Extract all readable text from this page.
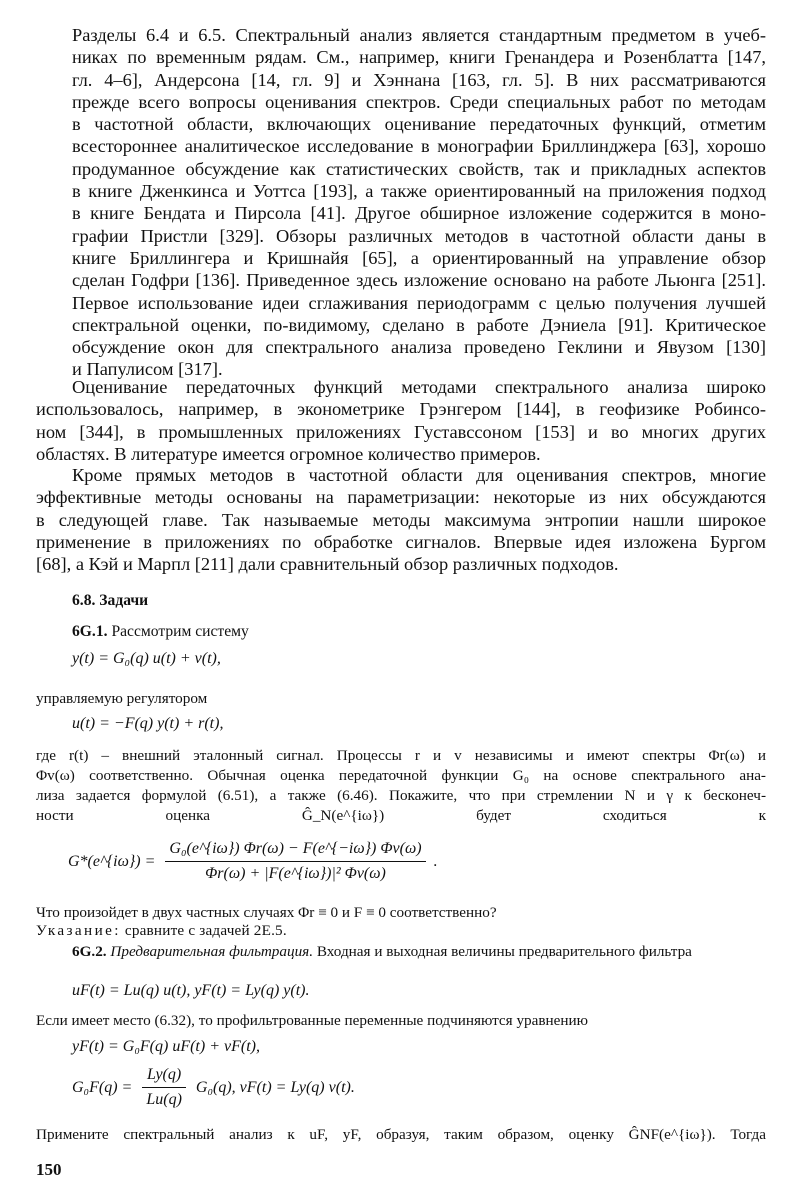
Разделы 6.4 и 6.5. Спектральный анализ является стандартным предметом в учеб-
никах по временным рядам. См., например, книги Гренандера и Розенблатта [147,
гл. 4–6], Андерсона [14, гл. 9] и Хэннана [163, гл. 5]. В них рассматриваются
прежде всего вопросы оценивания спектров. Среди специальных работ по методам
в частотной области, включающих оценивание передаточных функций, отметим
всестороннее аналитическое исследование в монографии Бриллинджера [63], хорошо
продуманное обсуждение как статистических свойств, так и прикладных аспектов
в книге Дженкинса и Уоттса [193], а также ориентированный на приложения подход
в книге Бендата и Пирсола [41]. Другое обширное изложение содержится в моно-
графии Пристли [329]. Обзоры различных методов в частотной области даны в
книге Бриллингера и Кришнайя [65], а ориентированный на управление обзор
сделан Годфри [136]. Приведенное здесь изложение основано на работе Льюнга [251].
Первое использование идеи сглаживания периодограмм с целью получения лучшей
спектральной оценки, по-видимому, сделано в работе Дэниела [91]. Критическое
обсуждение окон для спектрального анализа проведено Геклини и Явузом [130]
и Папулисом [317].
Оценивание передаточных функций методами спектрального анализа широко
использовалось, например, в эконометрике Грэнгером [144], в геофизике Робинсо-
ном [344], в промышленных приложениях Густавссоном [153] и во многих других
областях. В литературе имеется огромное количество примеров.
Кроме прямых методов в частотной области для оценивания спектров, многие
эффективные методы основаны на параметризации: некоторые из них обсуждаются
в следующей главе. Так называемые методы максимума энтропии нашли широкое
применение в приложениях по обработке сигналов. Впервые идея изложена Бургом
[68], а Кэй и Марпл [211] дали сравнительный обзор различных подходов.
6.8. Задачи
6G.1. Рассмотрим систему
y(t) = G₀(q) u(t) + v(t),
управляемую регулятором
u(t) = −F(q) y(t) + r(t),
где r(t) – внешний эталонный сигнал. Процессы r и v независимы и имеют спектры Φr(ω) и
Φv(ω) соответственно. Обычная оценка передаточной функции G₀ на основе спектрального ана-
лиза задается формулой (6.51), а также (6.46). Покажите, что при стремлении N и γ к бесконеч-
ности оценка Ĝ_N(e^{iω}) будет сходиться к
G*(e^{iω}) = $\frac{\text{G₀(e\textasciicircum{}\{iω\}) Φr(ω) − F(e\textasciicircum{}\{−iω\}) Φv(ω)}}{\text{Φr(ω) + |F(e\textasciicircum{}\{iω\})|² Φv(ω)}}$ .
Что произойдет в двух частных случаях Φr ≡ 0 и F ≡ 0 соответственно?
Указание: сравните с задачей 2E.5.
6G.2. Предварительная фильтрация. Входная и выходная величины предварительного фильтра
uF(t) = Lu(q) u(t), yF(t) = Ly(q) y(t).
Если имеет место (6.32), то профильтрованные переменные подчиняются уравнению
yF(t) = G₀F(q) uF(t) + vF(t),
$G_0F(q) = \frac{Ly(q)}{Lu(q)} G_0(q)$, vF(t) = Ly(q) v(t).
Примените спектральный анализ к uF, yF, образуя, таким образом, оценку ĜNF(e^{iω}). Тогда
150
